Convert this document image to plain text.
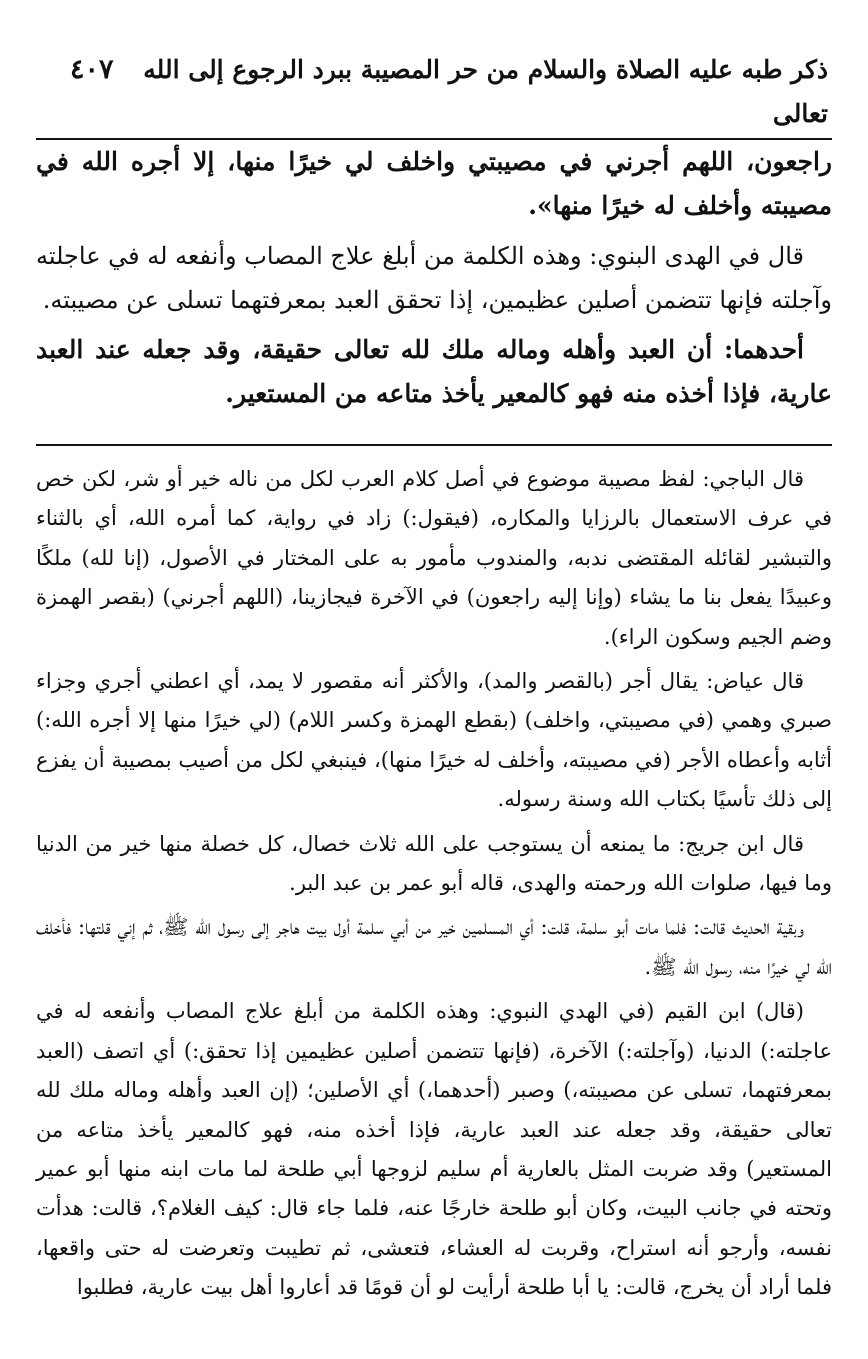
ذكر طبه عليه الصلاة والسلام من حر المصيبة ببرد الرجوع إلى الله تعالى
٤٠٧

راجعون، اللهم أجرني في مصيبتي واخلف لي خيرًا منها، إلا أجره الله في مصيبته وأخلف له خيرًا منها».

قال في الهدى البنوي: وهذه الكلمة من أبلغ علاج المصاب وأنفعه له في عاجلته وآجلته فإنها تتضمن أصلين عظيمين، إذا تحقق العبد بمعرفتهما تسلى عن مصيبته.

أحدهما: أن العبد وأهله وماله ملك لله تعالى حقيقة، وقد جعله عند العبد عارية، فإذا أخذه منه فهو كالمعير يأخذ متاعه من المستعير.

قال الباجي: لفظ مصيبة موضوع في أصل كلام العرب لكل من ناله خير أو شر، لكن خص في عرف الاستعمال بالرزايا والمكاره، (فيقول:) زاد في رواية، كما أمره الله، أي بالثناء والتبشير لقائله المقتضى ندبه، والمندوب مأمور به على المختار في الأصول، (إنا لله) ملكًا وعبيدًا يفعل بنا ما يشاء (وإنا إليه راجعون) في الآخرة فيجازينا، (اللهم أجرني) (بقصر الهمزة وضم الجيم وسكون الراء).

قال عياض: يقال أجر (بالقصر والمد)، والأكثر أنه مقصور لا يمد، أي اعطني أجري وجزاء صبري وهمي (في مصيبتي، واخلف) (بقطع الهمزة وكسر اللام) (لي خيرًا منها إلا أجره الله:) أثابه وأعطاه الأجر (في مصيبته، وأخلف له خيرًا منها)، فينبغي لكل من أصيب بمصيبة أن يفزع إلى ذلك تأسيًا بكتاب الله وسنة رسوله.

قال ابن جريج: ما يمنعه أن يستوجب على الله ثلاث خصال، كل خصلة منها خير من الدنيا وما فيها، صلوات الله ورحمته والهدى، قاله أبو عمر بن عبد البر.

وبقية الحديث قالت: فلما مات أبو سلمة، قلت: أي المسلمين خير من أبي سلمة أول بيت هاجر إلى رسول الله ﷺ، ثم إني قلتها: فأخلف الله لي خيرًا منه، رسول الله ﷺ.

(قال) ابن القيم (في الهدي النبوي: وهذه الكلمة من أبلغ علاج المصاب وأنفعه له في عاجلته:) الدنيا، (وآجلته:) الآخرة، (فإنها تتضمن أصلين عظيمين إذا تحقق:) أي اتصف (العبد بمعرفتهما، تسلى عن مصيبته،) وصبر (أحدهما،) أي الأصلين؛ (إن العبد وأهله وماله ملك لله تعالى حقيقة، وقد جعله عند العبد عارية، فإذا أخذه منه، فهو كالمعير يأخذ متاعه من المستعير) وقد ضربت المثل بالعارية أم سليم لزوجها أبي طلحة لما مات ابنه منها أبو عمير وتحته في جانب البيت، وكان أبو طلحة خارجًا عنه، فلما جاء قال: كيف الغلام؟، قالت: هدأت نفسه، وأرجو أنه استراح، وقربت له العشاء، فتعشى، ثم تطيبت وتعرضت له حتى واقعها، فلما أراد أن يخرج، قالت: يا أبا طلحة أرأيت لو أن قومًا قد أعاروا أهل بيت عارية، فطلبوا
